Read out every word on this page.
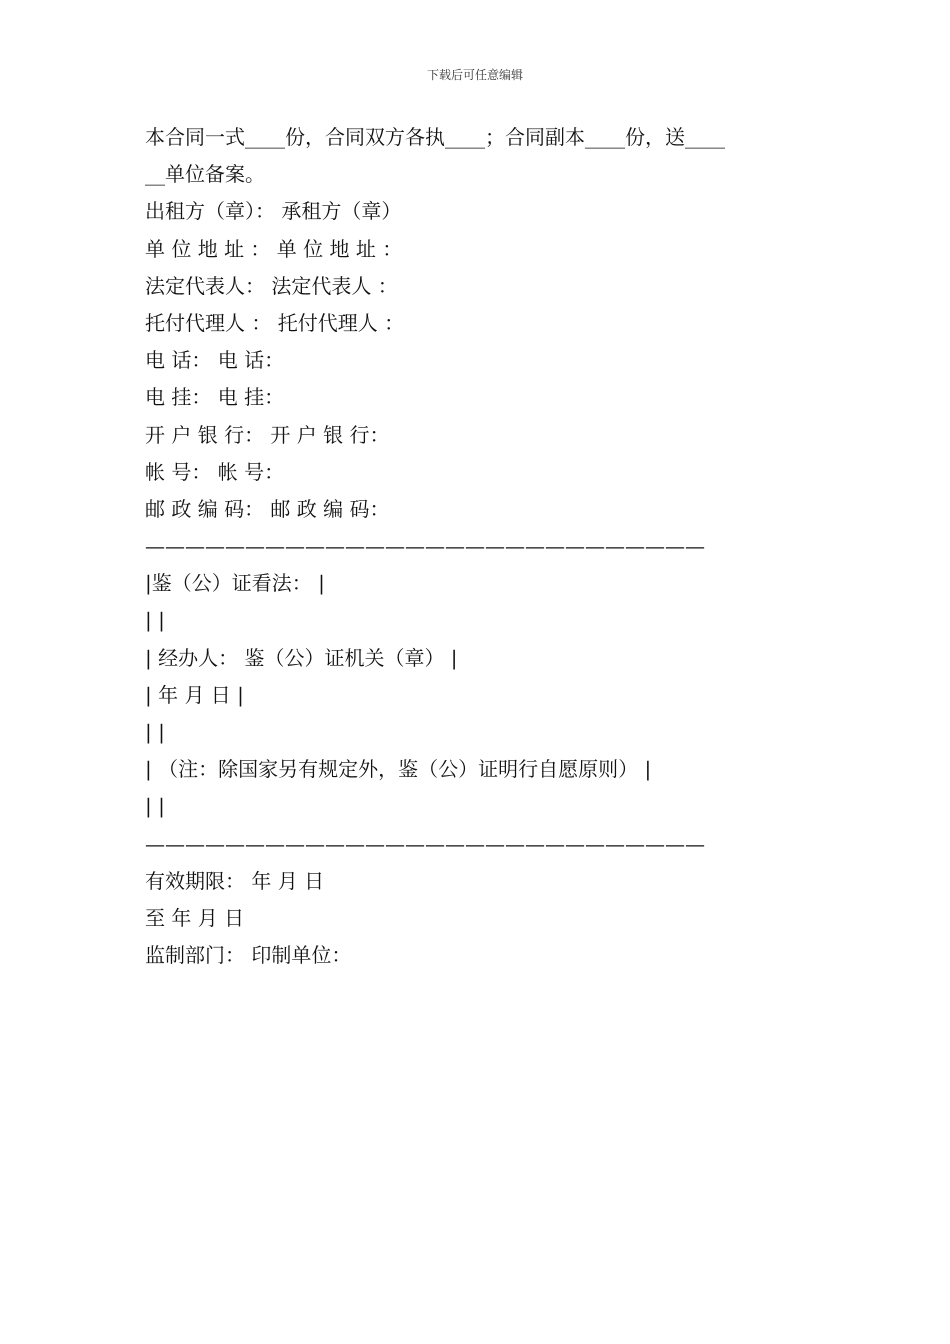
下载后可任意编辑
本合同一式____份，合同双方各执____；合同副本____份，送____
__单位备案。
出租方（章）： 承租方（章）
单 位 地 址 ： 单 位 地 址 ：
法定代表人： 法定代表人 ：
托付代理人 ： 托付代理人 ：
电 话： 电 话：
电 挂： 电 挂：
开 户 银 行： 开 户 银 行：
帐 号： 帐 号：
邮 政 编 码： 邮 政 编 码：
————————————————————————————
|鉴（公）证看法： |
| |
| 经办人： 鉴（公）证机关（章） |
| 年 月 日 |
| |
| （注：除国家另有规定外，鉴（公）证明行自愿原则） |
| |
————————————————————————————
有效期限： 年 月 日
至 年 月 日
监制部门： 印制单位：
